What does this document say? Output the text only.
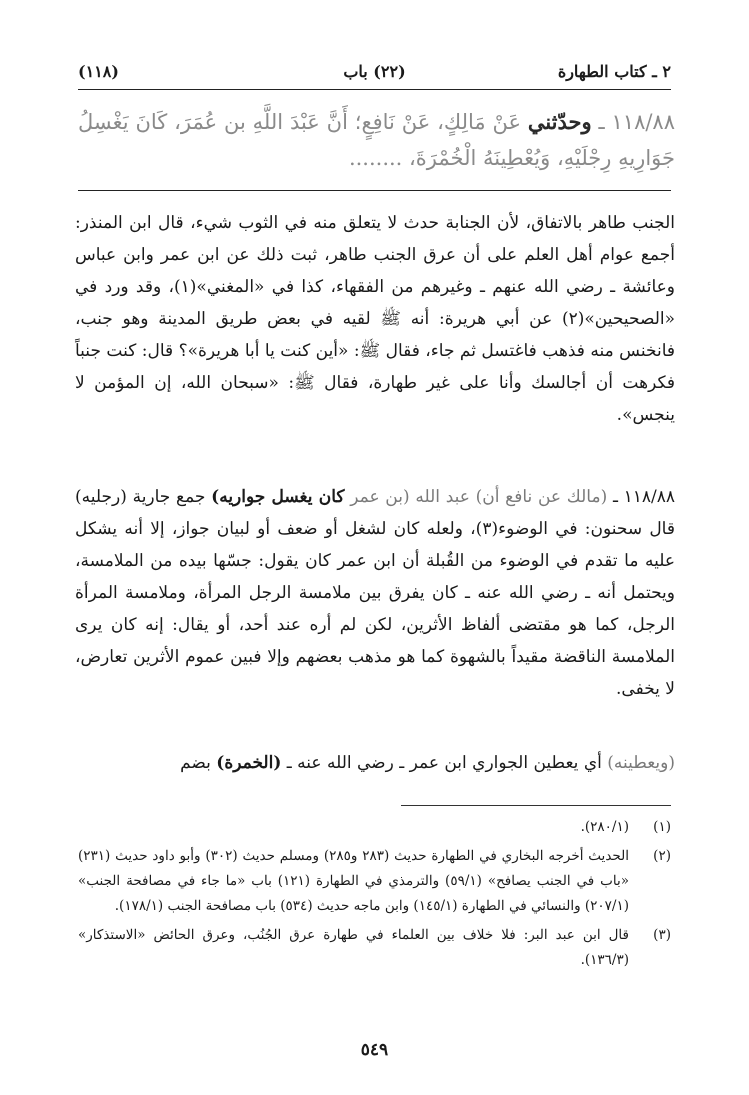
٢ ـ كتاب الطهارة
(٢٢) باب
(١١٨)
١١٨/٨٨ ـ وحدّثني عَنْ مَالِكٍ، عَنْ نَافِعٍ؛ أَنَّ عَبْدَ اللَّهِ بن عُمَرَ، كَانَ يَغْسِلُ جَوَارِيهِ رِجْلَيْهِ، وَيُعْطِينَهُ الْخُمْرَةَ، ........
الجنب طاهر بالاتفاق، لأن الجنابة حدث لا يتعلق منه في الثوب شيء، قال ابن المنذر: أجمع عوام أهل العلم على أن عرق الجنب طاهر، ثبت ذلك عن ابن عمر وابن عباس وعائشة ـ رضي الله عنهم ـ وغيرهم من الفقهاء، كذا في «المغني»(١)، وقد ورد في «الصحيحين»(٢) عن أبي هريرة: أنه ﷺ لقيه في بعض طريق المدينة وهو جنب، فانخنس منه فذهب فاغتسل ثم جاء، فقال ﷺ: «أين كنت يا أبا هريرة»؟ قال: كنت جنباً فكرهت أن أجالسك وأنا على غير طهارة، فقال ﷺ: «سبحان الله، إن المؤمن لا ينجس».
١١٨/٨٨ ـ (مالك عن نافع أن) عبد الله (بن عمر كان يغسل جواريه) جمع جارية (رجليه) قال سحنون: في الوضوء(٣)، ولعله كان لشغل أو ضعف أو لبيان جواز، إلا أنه يشكل عليه ما تقدم في الوضوء من القُبلة أن ابن عمر كان يقول: جسّها بيده من الملامسة، ويحتمل أنه ـ رضي الله عنه ـ كان يفرق بين ملامسة الرجل المرأة، وملامسة المرأة الرجل، كما هو مقتضى ألفاظ الأثرين، لكن لم أره عند أحد، أو يقال: إنه كان يرى الملامسة الناقضة مقيداً بالشهوة كما هو مذهب بعضهم وإلا فبين عموم الأثرين تعارض، لا يخفى.
(ويعطينه) أي يعطين الجواري ابن عمر ـ رضي الله عنه ـ (الخمرة) بضم
(١)
(٢٨٠/١).
(٢)
الحديث أخرجه البخاري في الطهارة حديث (٢٨٣ و٢٨٥) ومسلم حديث (٣٠٢) وأبو داود حديث (٢٣١) «باب في الجنب يصافح» (٥٩/١) والترمذي في الطهارة (١٢١) باب «ما جاء في مصافحة الجنب» (٢٠٧/١) والنسائي في الطهارة (١٤٥/١) وابن ماجه حديث (٥٣٤) باب مصافحة الجنب (١٧٨/١).
(٣)
قال ابن عبد البر: فلا خلاف بين العلماء في طهارة عرق الجُنُب، وعرق الحائض «الاستذكار» (١٣٦/٣).
٥٤٩
